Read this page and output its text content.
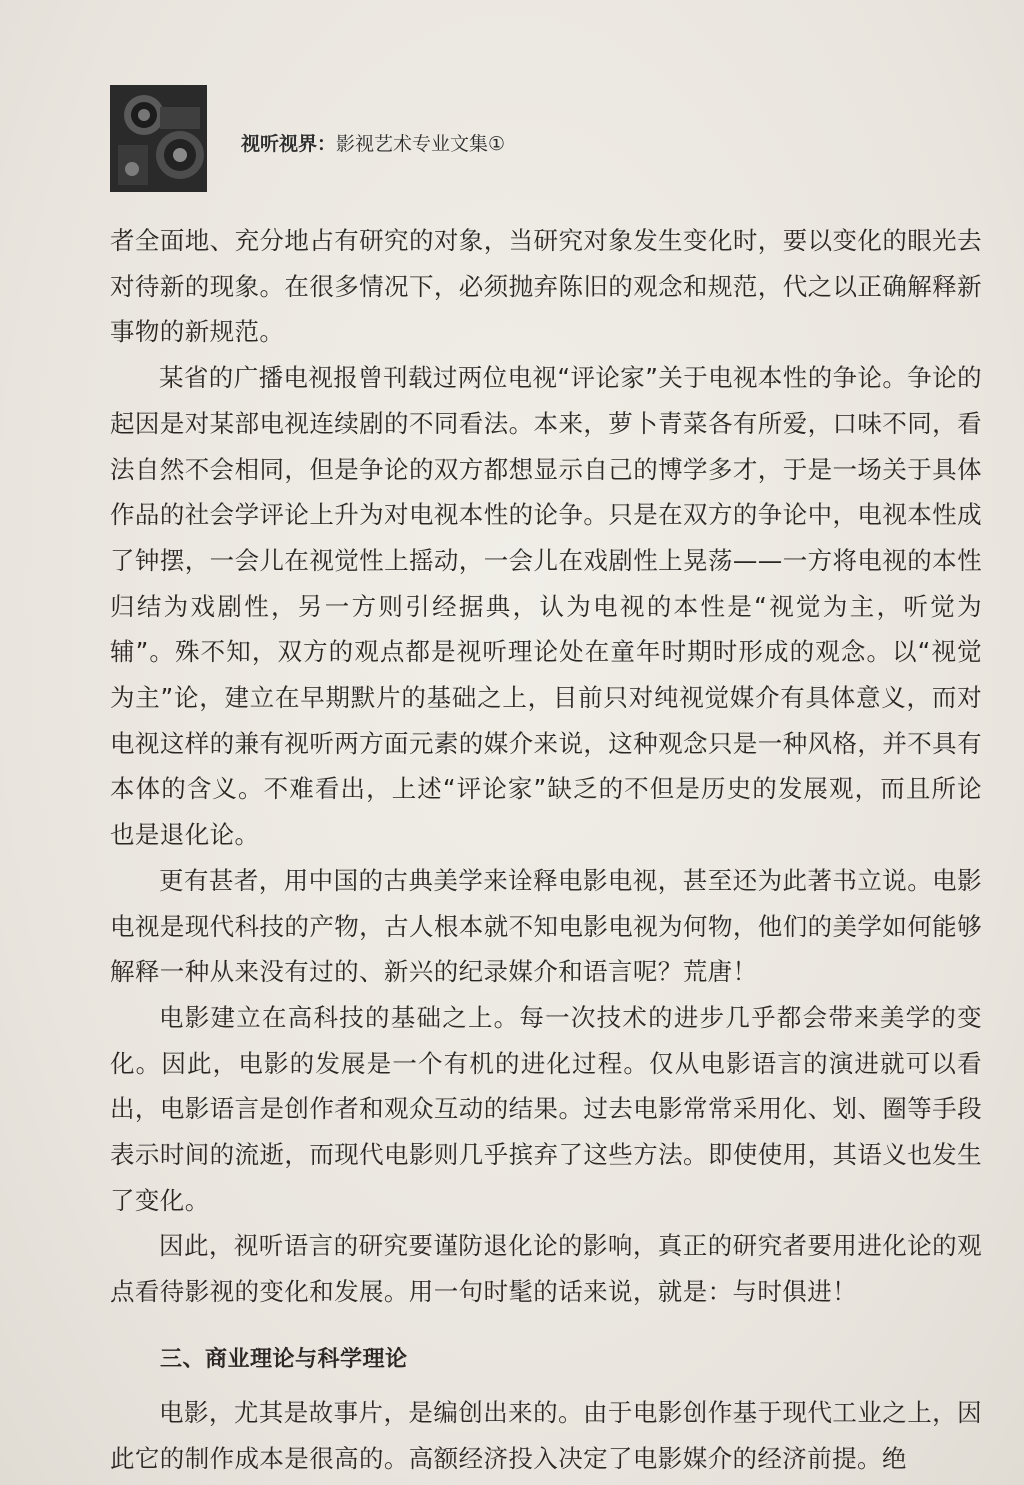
视听视界：影视艺术专业文集①

者全面地、充分地占有研究的对象，当研究对象发生变化时，要以变化的眼光去对待新的现象。在很多情况下，必须抛弃陈旧的观念和规范，代之以正确解释新事物的新规范。

某省的广播电视报曾刊载过两位电视“评论家”关于电视本性的争论。争论的起因是对某部电视连续剧的不同看法。本来，萝卜青菜各有所爱，口味不同，看法自然不会相同，但是争论的双方都想显示自己的博学多才，于是一场关于具体作品的社会学评论上升为对电视本性的论争。只是在双方的争论中，电视本性成了钟摆，一会儿在视觉性上摇动，一会儿在戏剧性上晃荡——一方将电视的本性归结为戏剧性，另一方则引经据典，认为电视的本性是“视觉为主，听觉为辅”。殊不知，双方的观点都是视听理论处在童年时期时形成的观念。以“视觉为主”论，建立在早期默片的基础之上，目前只对纯视觉媒介有具体意义，而对电视这样的兼有视听两方面元素的媒介来说，这种观念只是一种风格，并不具有本体的含义。不难看出，上述“评论家”缺乏的不但是历史的发展观，而且所论也是退化论。

更有甚者，用中国的古典美学来诠释电影电视，甚至还为此著书立说。电影电视是现代科技的产物，古人根本就不知电影电视为何物，他们的美学如何能够解释一种从来没有过的、新兴的纪录媒介和语言呢？荒唐！

电影建立在高科技的基础之上。每一次技术的进步几乎都会带来美学的变化。因此，电影的发展是一个有机的进化过程。仅从电影语言的演进就可以看出，电影语言是创作者和观众互动的结果。过去电影常常采用化、划、圈等手段表示时间的流逝，而现代电影则几乎摈弃了这些方法。即使使用，其语义也发生了变化。

因此，视听语言的研究要谨防退化论的影响，真正的研究者要用进化论的观点看待影视的变化和发展。用一句时髦的话来说，就是：与时俱进！

三、商业理论与科学理论

电影，尤其是故事片，是编创出来的。由于电影创作基于现代工业之上，因此它的制作成本是很高的。高额经济投入决定了电影媒介的经济前提。绝
